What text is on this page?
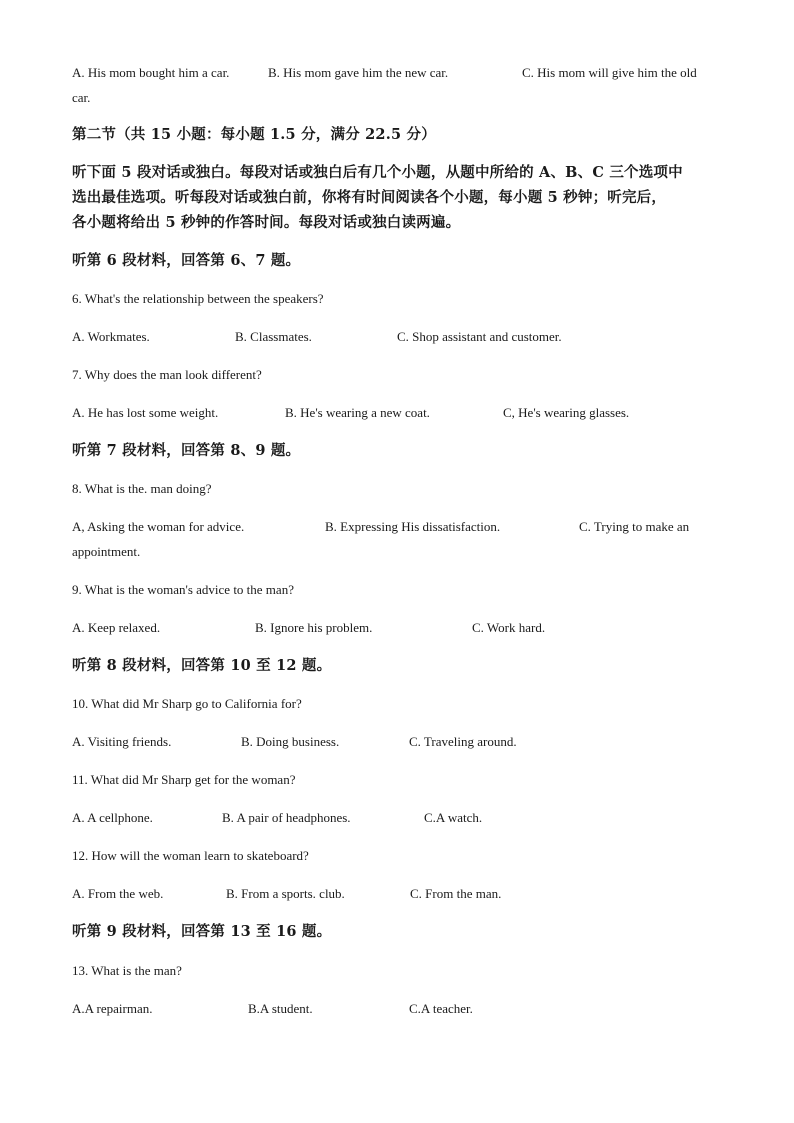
A. His mom bought him a car.	B. His mom gave him the new car.	C. His mom will give him the old
car.
第二节（共 15 小题：每小题 1.5 分，满分 22.5 分）
听下面 5 段对话或独白。每段对话或独白后有几个小题，从题中所给的 A、B、C 三个选项中
选出最佳选项。听每段对话或独白前，你将有时间阅读各个小题，每小题 5 秒钟；听完后，
各小题将给出 5 秒钟的作答时间。每段对话或独白读两遍。
听第 6 段材料，回答第 6、7 题。
6. What's the relationship between the speakers?
A. Workmates.	B. Classmates.	C. Shop assistant and customer.
7. Why does the man look different?
A. He has lost some weight.	B. He's wearing a new coat.	C, He's wearing glasses.
听第 7 段材料，回答第 8、9 题。
8. What is the. man doing?
A, Asking the woman for advice.	B. Expressing His dissatisfaction.	C. Trying to make an
appointment.
9. What is the woman's advice to the man?
A. Keep relaxed.	B. Ignore his problem.	C. Work hard.
听第 8 段材料，回答第 10 至 12 题。
10. What did Mr Sharp go to California for?
A. Visiting friends.	B. Doing business.	C. Traveling around.
11. What did Mr Sharp get for the woman?
A. A cellphone.	B. A pair of headphones.	C.A watch.
12. How will the woman learn to skateboard?
A. From the web.	B. From a sports. club.	C. From the man.
听第 9 段材料，回答第 13 至 16 题。
13. What is the man?
A.A repairman.	B.A student.	C.A teacher.
